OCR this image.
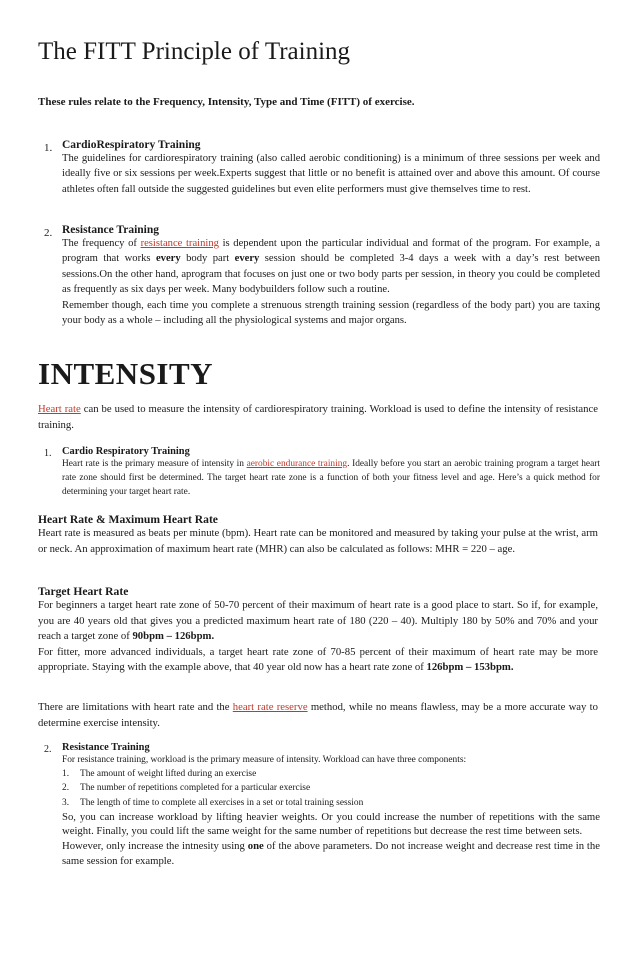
The FITT Principle of Training

These rules relate to the Frequency, Intensity, Type and Time (FITT) of exercise.

1. CardioRespiratory Training
The guidelines for cardiorespiratory training (also called aerobic conditioning) is a minimum of three sessions per week and ideally five or six sessions per week.Experts suggest that little or no benefit is attained over and above this amount. Of course athletes often fall outside the suggested guidelines but even elite performers must give themselves time to rest.
2. Resistance Training
The frequency of resistance training is dependent upon the particular individual and format of the program. For example, a program that works every body part every session should be completed 3-4 days a week with a day’s rest between sessions.On the other hand, aprogram that focuses on just one or two body parts per session, in theory you could be completed as frequently as six days per week. Many bodybuilders follow such a routine.
Remember though, each time you complete a strenuous strength training session (regardless of the body part) you are taxing your body as a whole – including all the physiological systems and major organs.
INTENSITY
Heart rate can be used to measure the intensity of cardiorespiratory training. Workload is used to define the intensity of resistance training.
1. Cardio Respiratory Training
Heart rate is the primary measure of intensity in aerobic endurance training. Ideally before you start an aerobic training program a target heart rate zone should first be determined. The target heart rate zone is a function of both your fitness level and age. Here’s a quick method for determining your target heart rate.
Heart Rate & Maximum Heart Rate
Heart rate is measured as beats per minute (bpm). Heart rate can be monitored and measured by taking your pulse at the wrist, arm or neck. An approximation of maximum heart rate (MHR) can also be calculated as follows: MHR = 220 – age.
Target Heart Rate
For beginners a target heart rate zone of 50-70 percent of their maximum of heart rate is a good place to start. So if, for example, you are 40 years old that gives you a predicted maximum heart rate of 180 (220 – 40). Multiply 180 by 50% and 70% and your reach a target zone of 90bpm – 126bpm.
For fitter, more advanced individuals, a target heart rate zone of 70-85 percent of their maximum of heart rate may be more appropriate. Staying with the example above, that 40 year old now has a heart rate zone of 126bpm – 153bpm.
There are limitations with heart rate and the heart rate reserve method, while no means flawless, may be a more accurate way to determine exercise intensity.
2. Resistance Training
For resistance training, workload is the primary measure of intensity. Workload can have three components:
1. The amount of weight lifted during an exercise
2. The number of repetitions completed for a particular exercise
3. The length of time to complete all exercises in a set or total training session
So, you can increase workload by lifting heavier weights. Or you could increase the number of repetitions with the same weight. Finally, you could lift the same weight for the same number of repetitions but decrease the rest time between sets.
However, only increase the intnesity using one of the above parameters. Do not increase weight and decrease rest time in the same session for example.
